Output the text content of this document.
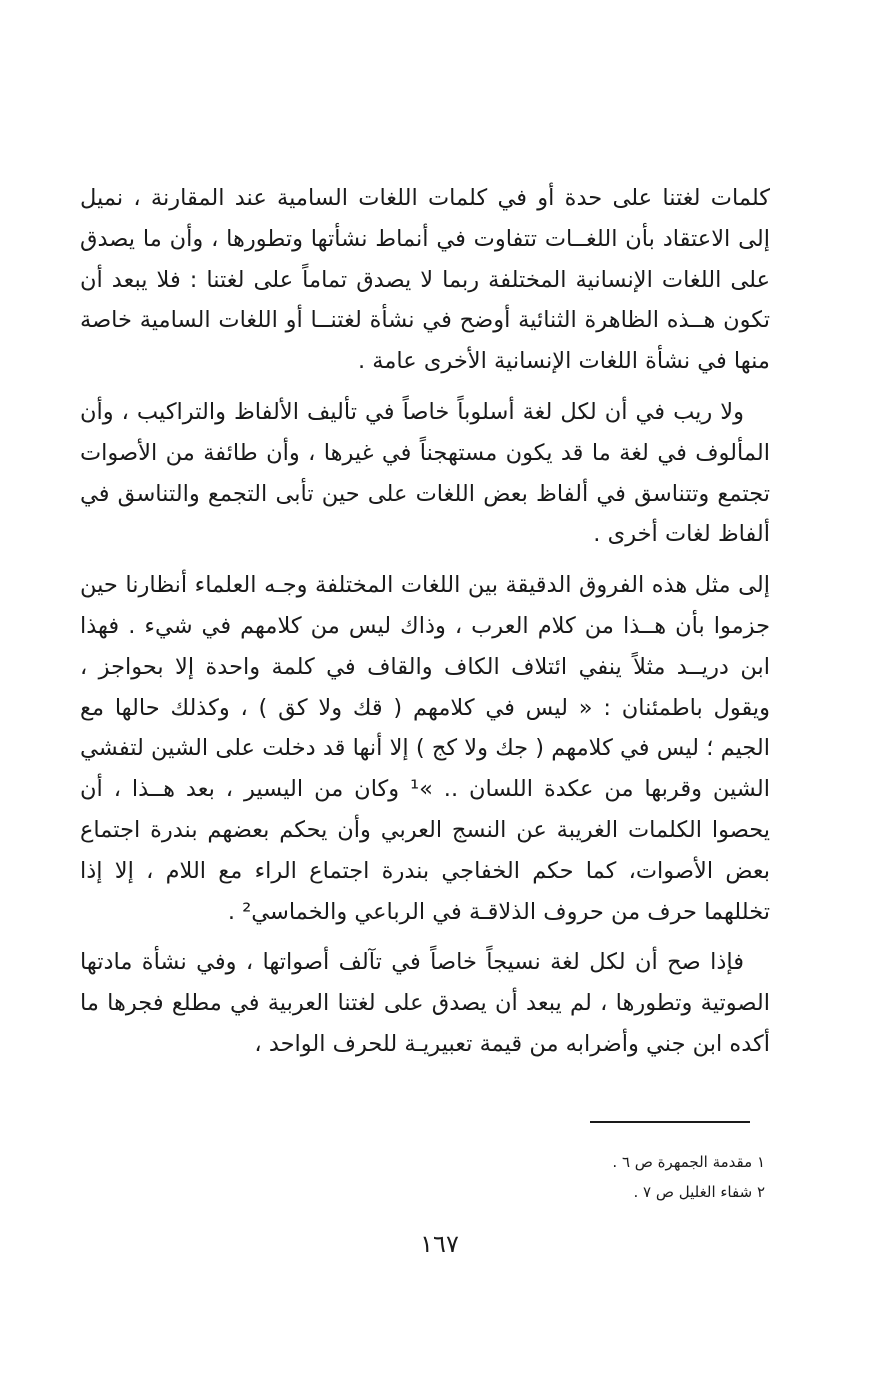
كلمات لغتنا على حدة أو في كلمات اللغات السامية عند المقارنة ، نميل إلى الاعتقاد بأن اللغــات تتفاوت في أنماط نشأتها وتطورها ، وأن ما يصدق على اللغات الإنسانية المختلفة ربما لا يصدق تماماً على لغتنا : فلا يبعد أن تكون هــذه الظاهرة الثنائية أوضح في نشأة لغتنــا أو اللغات السامية خاصة منها في نشأة اللغات الإنسانية الأخرى عامة .

ولا ريب في أن لكل لغة أسلوباً خاصاً في تأليف الألفاظ والتراكيب ، وأن المألوف في لغة ما قد يكون مستهجناً في غيرها ، وأن طائفة من الأصوات تجتمع وتتناسق في ألفاظ بعض اللغات على حين تأبى التجمع والتناسق في ألفاظ لغات أخرى .

إلى مثل هذه الفروق الدقيقة بين اللغات المختلفة وجـه العلماء أنظارنا حين جزموا بأن هــذا من كلام العرب ، وذاك ليس من كلامهم في شيء . فهذا ابن دريــد مثلاً ينفي ائتلاف الكاف والقاف في كلمة واحدة إلا بحواجز ، ويقول باطمئنان : « ليس في كلامهم ( قك ولا كق ) ، وكذلك حالها مع الجيم ؛ ليس في كلامهم ( جك ولا كج ) إلا أنها قد دخلت على الشين لتفشي الشين وقربها من عكدة اللسان .. »¹ وكان من اليسير ، بعد هــذا ، أن يحصوا الكلمات الغريبة عن النسج العربي وأن يحكم بعضهم بندرة اجتماع بعض الأصوات، كما حكم الخفاجي بندرة اجتماع الراء مع اللام ، إلا إذا تخللهما حرف من حروف الذلاقـة في الرباعي والخماسي² .

فإذا صح أن لكل لغة نسيجاً خاصاً في تآلف أصواتها ، وفي نشأة مادتها الصوتية وتطورها ، لم يبعد أن يصدق على لغتنا العربية في مطلع فجرها ما أكده ابن جني وأضرابه من قيمة تعبيريـة للحرف الواحد ،

١ مقدمة الجمهرة ص ٦ .
٢ شفاء الغليل ص ٧ .
١٦٧
